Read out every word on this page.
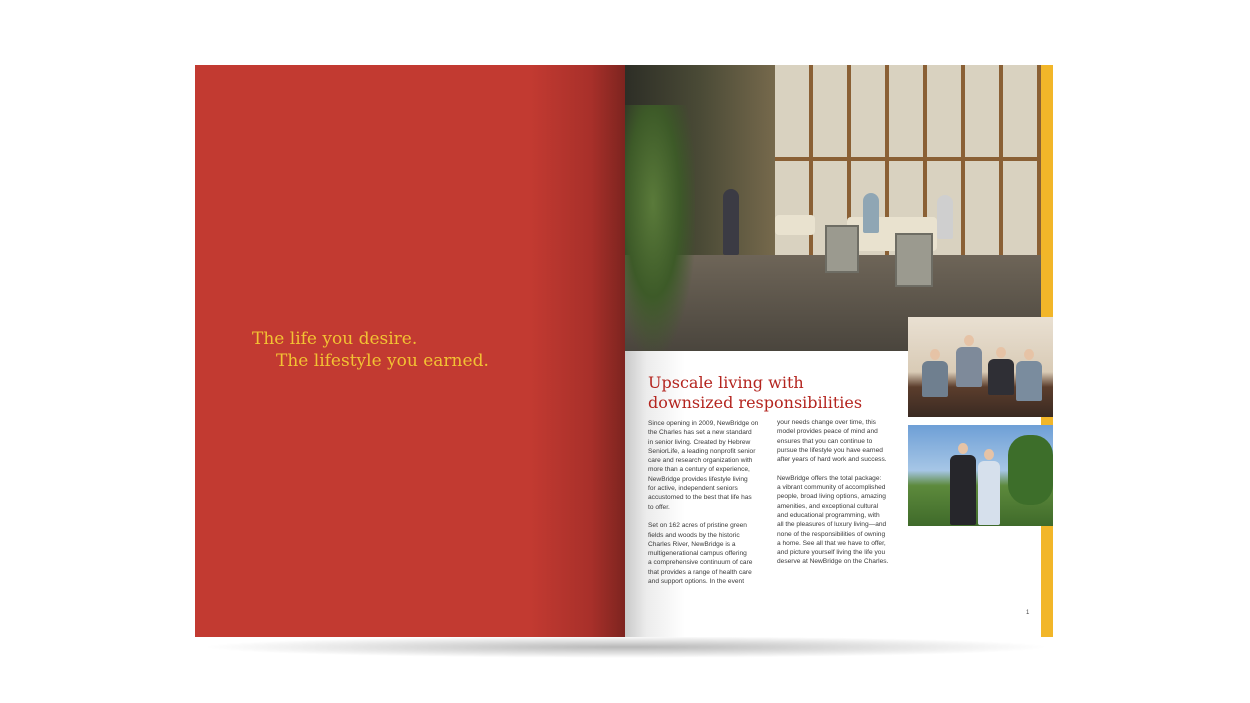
The life you desire.
The lifestyle you earned.
Upscale living with
downsized responsibilities
Since opening in 2009, NewBridge on
the Charles has set a new standard
in senior living. Created by Hebrew
SeniorLife, a leading nonprofit senior
care and research organization with
more than a century of experience,
NewBridge provides lifestyle living
for active, independent seniors
accustomed to the best that life has
to offer.

Set on 162 acres of pristine green
fields and woods by the historic
Charles River, NewBridge is a
multigenerational campus offering
a comprehensive continuum of care
that provides a range of health care
and support options. In the event
your needs change over time, this
model provides peace of mind and
ensures that you can continue to
pursue the lifestyle you have earned
after years of hard work and success.

NewBridge offers the total package:
a vibrant community of accomplished
people, broad living options, amazing
amenities, and exceptional cultural
and educational programming, with
all the pleasures of luxury living—and
none of the responsibilities of owning
a home. See all that we have to offer,
and picture yourself living the life you
deserve at NewBridge on the Charles.
1
